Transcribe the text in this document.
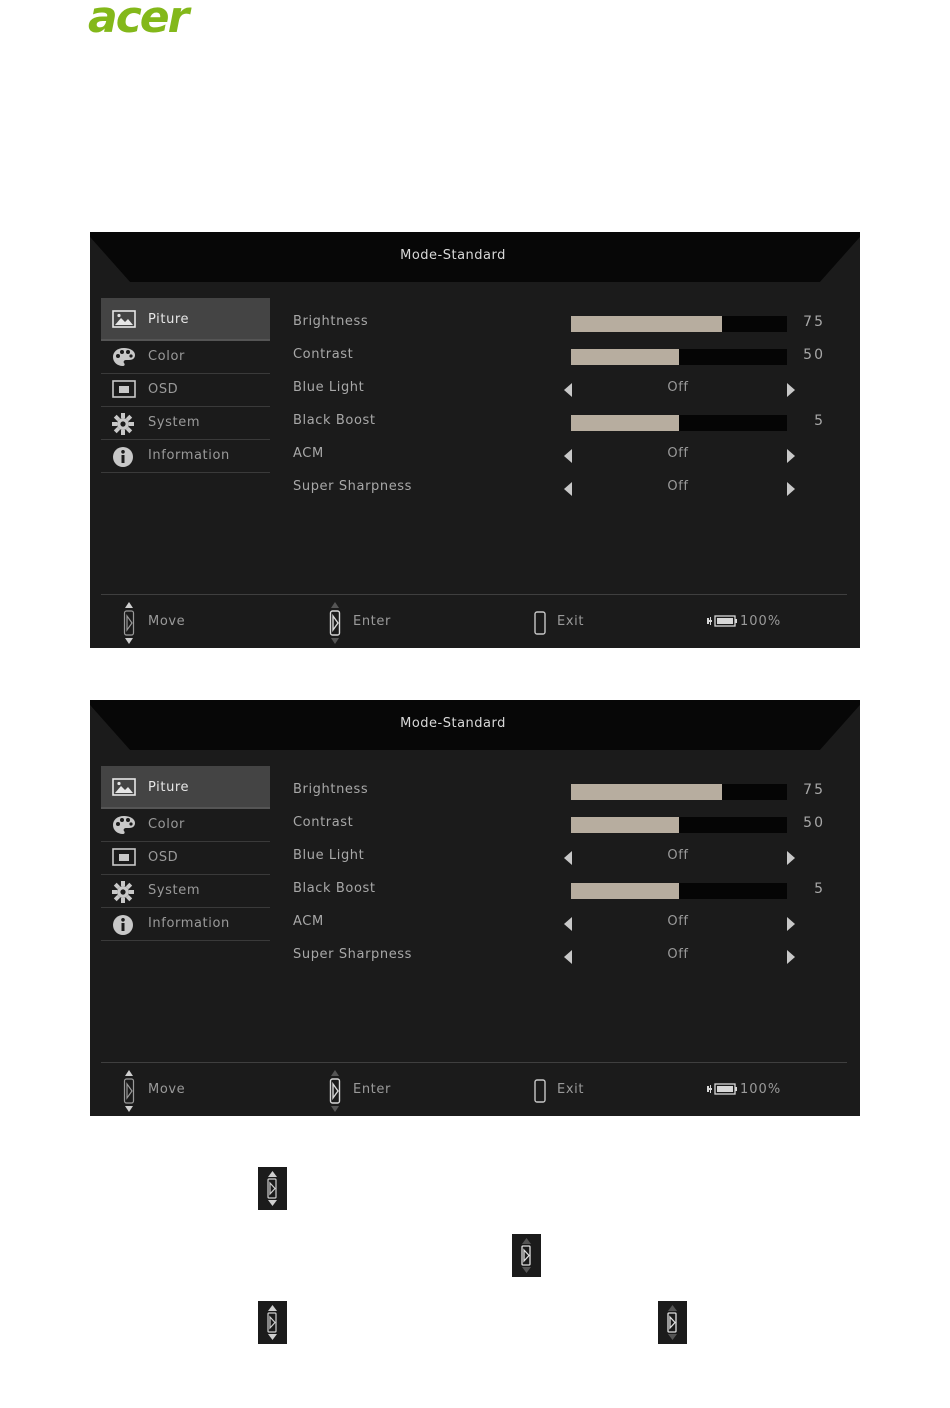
acer
Mode-Standard
Piture
Color
OSD
System
Information
Move	Enter	Exit	100%
Brightness	75
Contrast	50
Blue Light	Off
Black Boost	5
ACM	Off
Super Sharpness	Off
Mode-Standard
Piture
Color
OSD
System
Information
Move	Enter	Exit	100%
Brightness	75
Contrast	50
Blue Light	Off
Black Boost	5
ACM	Off
Super Sharpness	Off
